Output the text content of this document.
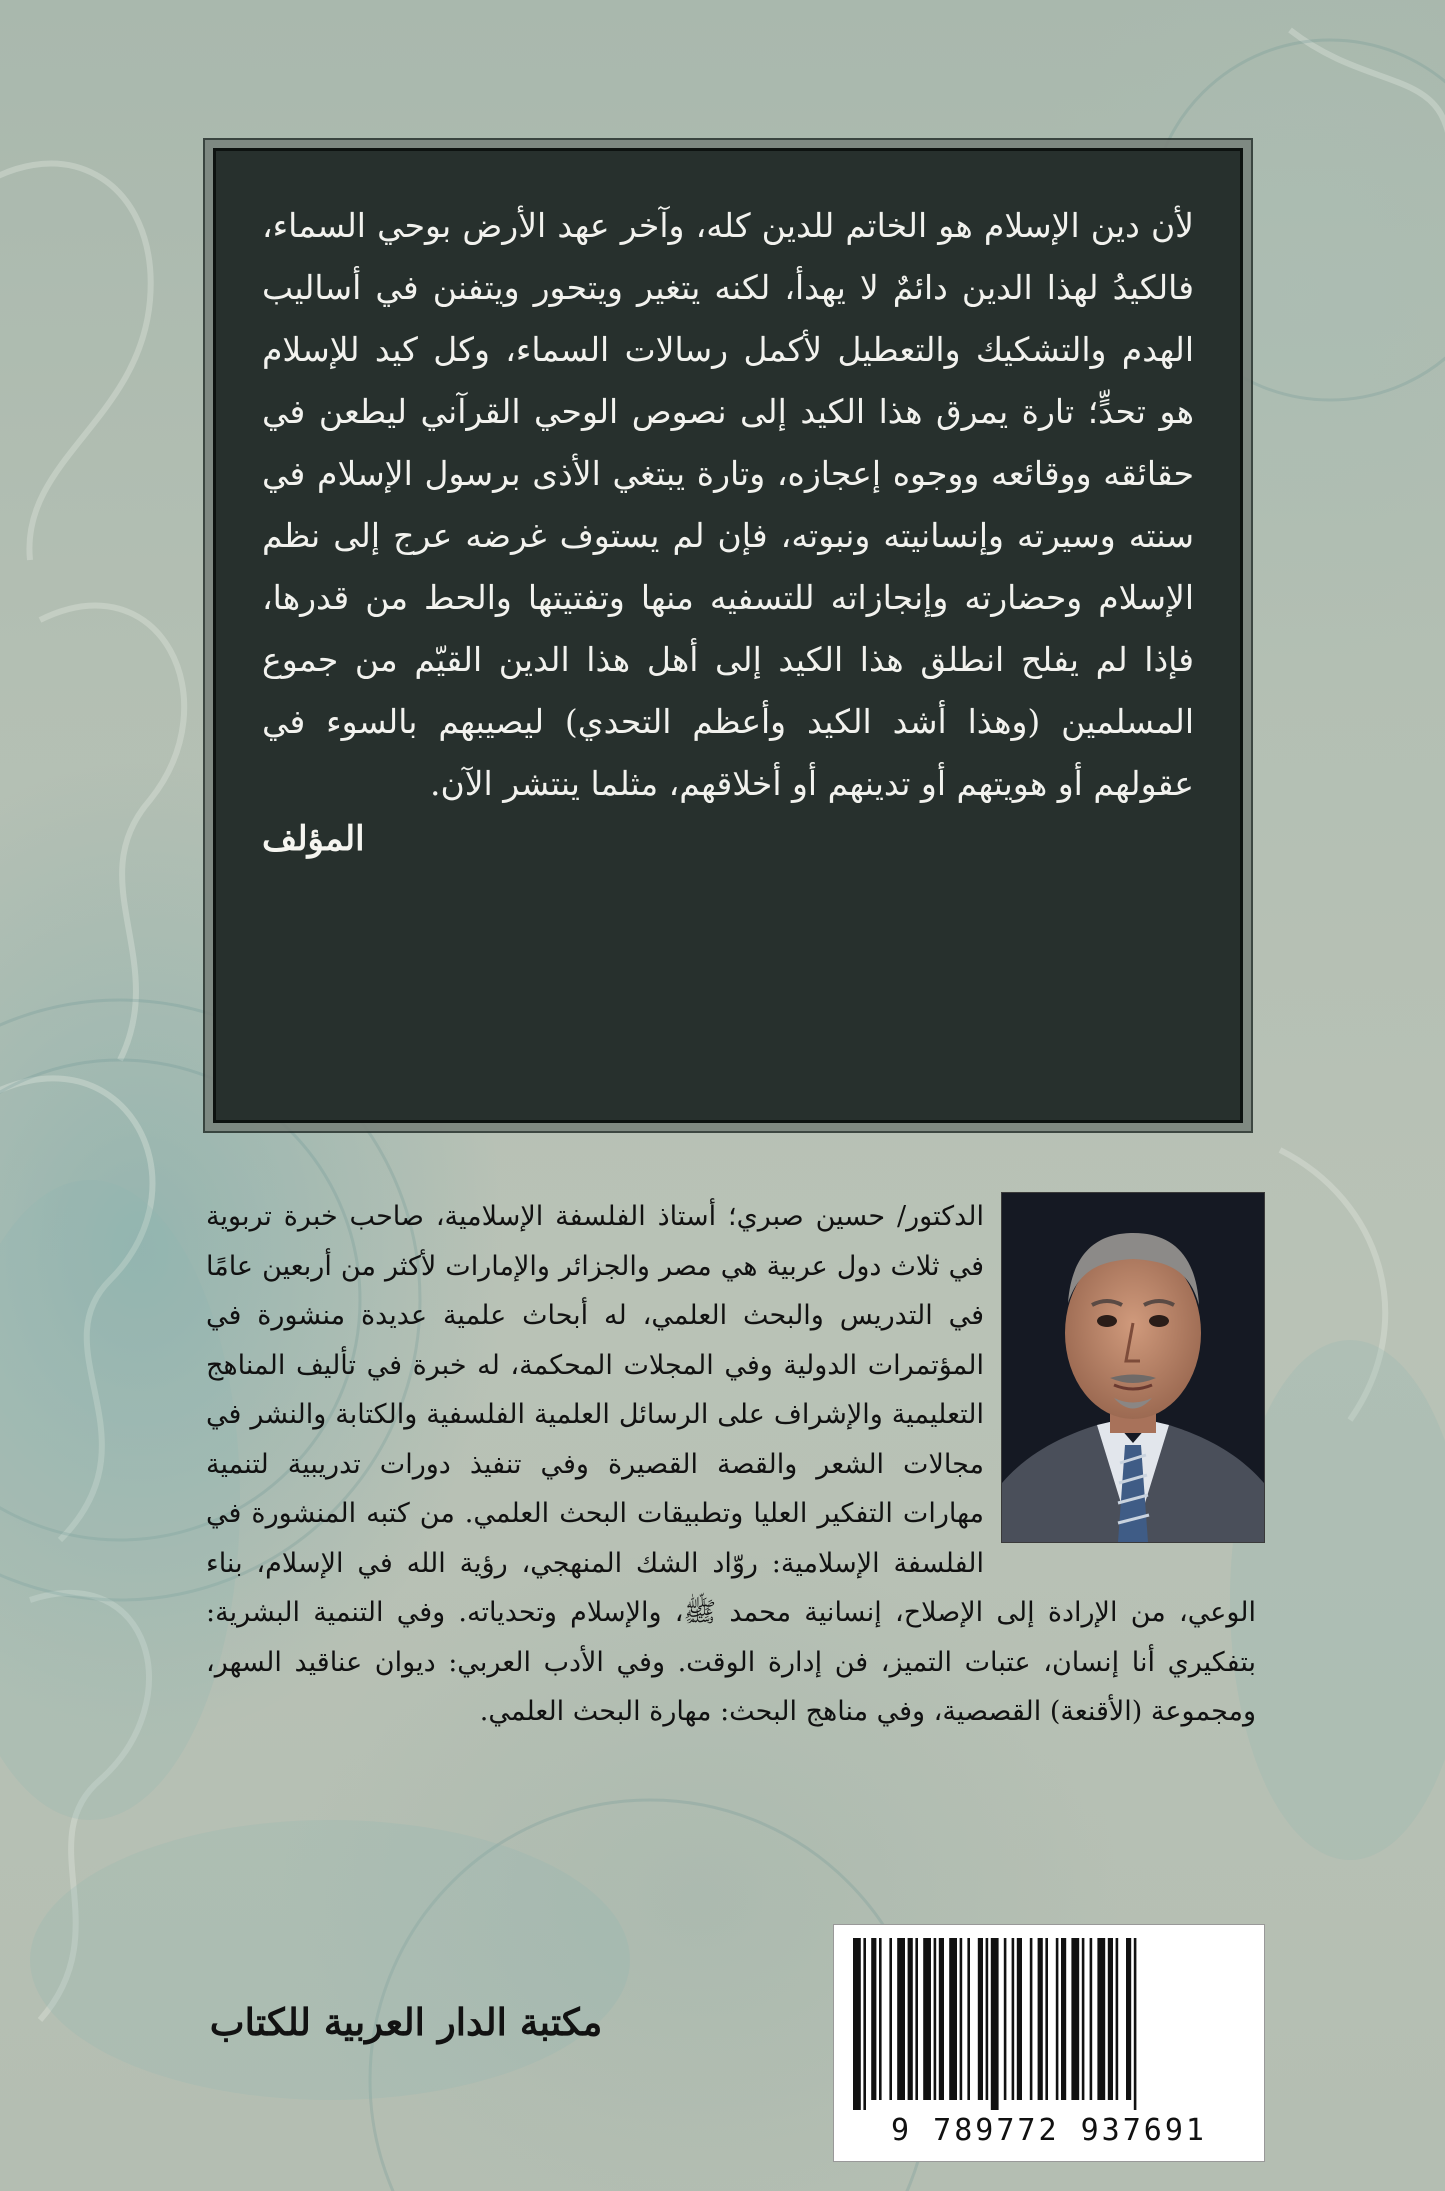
لأن دين الإسلام هو الخاتم للدين كله، وآخر عهد الأرض بوحي السماء، فالكيدُ لهذا الدين دائمٌ لا يهدأ، لكنه يتغير ويتحور ويتفنن في أساليب الهدم والتشكيك والتعطيل لأكمل رسالات السماء، وكل كيد للإسلام هو تحدٍّ؛ تارة يمرق هذا الكيد إلى نصوص الوحي القرآني ليطعن في حقائقه ووقائعه ووجوه إعجازه، وتارة يبتغي الأذى برسول الإسلام في سنته وسيرته وإنسانيته ونبوته، فإن لم يستوف غرضه عرج إلى نظم الإسلام وحضارته وإنجازاته للتسفيه منها وتفتيتها والحط من قدرها، فإذا لم يفلح انطلق هذا الكيد إلى أهل هذا الدين القيّم من جموع المسلمين (وهذا أشد الكيد وأعظم التحدي) ليصيبهم بالسوء في عقولهم أو هويتهم أو تدينهم أو أخلاقهم، مثلما ينتشر الآن.

المؤلف
الدكتور/ حسين صبري؛ أستاذ الفلسفة الإسلامية، صاحب خبرة تربوية في ثلاث دول عربية هي مصر والجزائر والإمارات لأكثر من أربعين عامًا في التدريس والبحث العلمي، له أبحاث علمية عديدة منشورة في المؤتمرات الدولية وفي المجلات المحكمة، له خبرة في تأليف المناهج التعليمية والإشراف على الرسائل العلمية الفلسفية والكتابة والنشر في مجالات الشعر والقصة القصيرة وفي تنفيذ دورات تدريبية لتنمية مهارات التفكير العليا وتطبيقات البحث العلمي. من كتبه المنشورة في الفلسفة الإسلامية: روّاد الشك المنهجي، رؤية الله في الإسلام، بناء الوعي، من الإرادة إلى الإصلاح، إنسانية محمد ﷺ، والإسلام وتحدياته. وفي التنمية البشرية: بتفكيري أنا إنسان، عتبات التميز، فن إدارة الوقت. وفي الأدب العربي: ديوان عناقيد السهر، ومجموعة (الأقنعة) القصصية، وفي مناهج البحث: مهارة البحث العلمي.
9 789772 937691
مكتبة الدار العربية للكتاب
